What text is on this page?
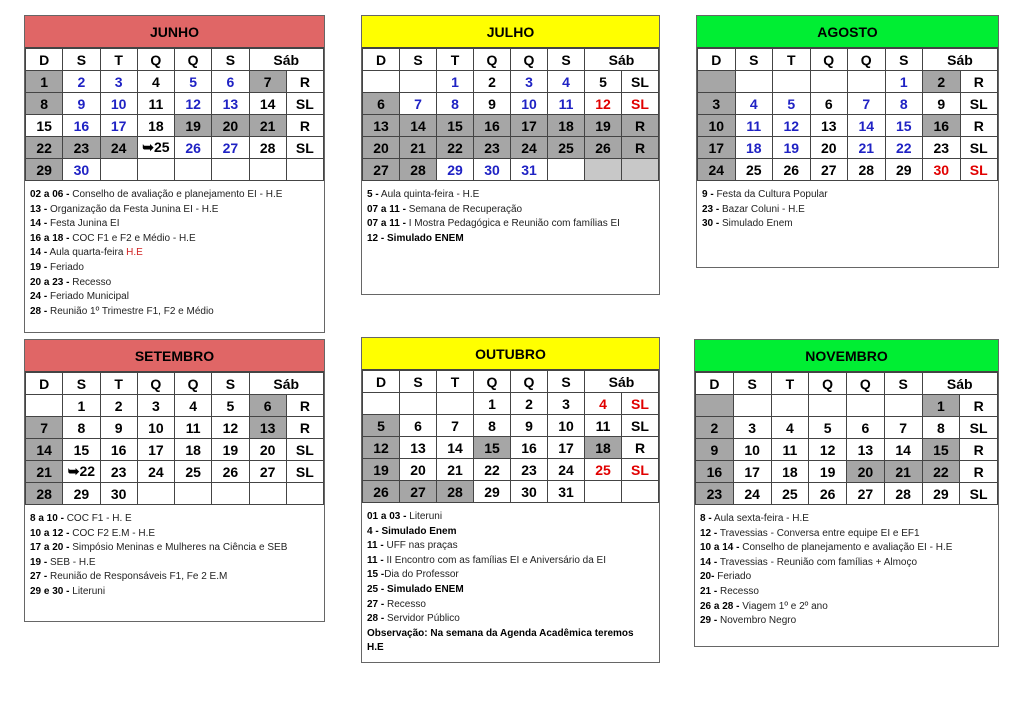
JUNHO
D	S	T	Q	Q	S	Sáb	
1	2	3	4	5	6	7	R
8	9	10	11	12	13	14	SL
15	16	17	18	19	20	21	R
22	23	24	➥25	26	27	28	SL
29	30						
02 a 06 - Conselho de avaliação e planejamento EI - H.E
13 - Organização da Festa Junina EI - H.E
14 - Festa Junina EI
16 a 18 - COC F1 e F2 e Médio - H.E
14 - Aula quarta-feira H.E
19 - Feriado
20 a 23 - Recesso
24 - Feriado Municipal
28 - Reunião 1º Trimestre F1, F2 e Médio
JULHO
D	S	T	Q	Q	S	Sáb	
		1	2	3	4	5	SL
6	7	8	9	10	11	12	SL
13	14	15	16	17	18	19	R
20	21	22	23	24	25	26	R
27	28	29	30	31			
5 - Aula quinta-feira - H.E
07 a 11 - Semana de Recuperação
07 a 11 - I Mostra Pedagógica e Reunião com famílias EI
12 - Simulado ENEM
AGOSTO
D	S	T	Q	Q	S	Sáb	
					1	2	R
3	4	5	6	7	8	9	SL
10	11	12	13	14	15	16	R
17	18	19	20	21	22	23	SL
24	25	26	27	28	29	30	SL
9 - Festa da Cultura Popular
23 - Bazar Coluni - H.E
30 - Simulado Enem
SETEMBRO
D	S	T	Q	Q	S	Sáb	
	1	2	3	4	5	6	R
7	8	9	10	11	12	13	R
14	15	16	17	18	19	20	SL
21	➥22	23	24	25	26	27	SL
28	29	30					
8 a 10 - COC F1 - H. E
10 a 12 - COC F2 E.M - H.E
17 a 20 - Simpósio Meninas e Mulheres na Ciência e SEB
19 - SEB - H.E
27 - Reunião de Responsáveis F1, Fe 2 E.M
29 e 30 - Literuni
OUTUBRO
D	S	T	Q	Q	S	Sáb	
			1	2	3	4	SL
5	6	7	8	9	10	11	SL
12	13	14	15	16	17	18	R
19	20	21	22	23	24	25	SL
26	27	28	29	30	31		
01 a 03 - Literuni
4 - Simulado Enem
11 - UFF nas praças
11 - II Encontro com as famílias EI e Aniversário da EI
15 -Dia do Professor
25 - Simulado ENEM
27 - Recesso
28 - Servidor Público
Observação: Na semana da Agenda Acadêmica teremos
H.E
NOVEMBRO
D	S	T	Q	Q	S	Sáb	
						1	R
2	3	4	5	6	7	8	SL
9	10	11	12	13	14	15	R
16	17	18	19	20	21	22	R
23	24	25	26	27	28	29	SL
8 - Aula sexta-feira - H.E
12 - Travessias - Conversa entre equipe EI e EF1
10 a 14 - Conselho de planejamento e avaliação EI - H.E
14 - Travessias - Reunião com famílias + Almoço
20- Feriado
21 - Recesso
26 a 28 - Viagem 1º e 2º ano
29 - Novembro Negro
